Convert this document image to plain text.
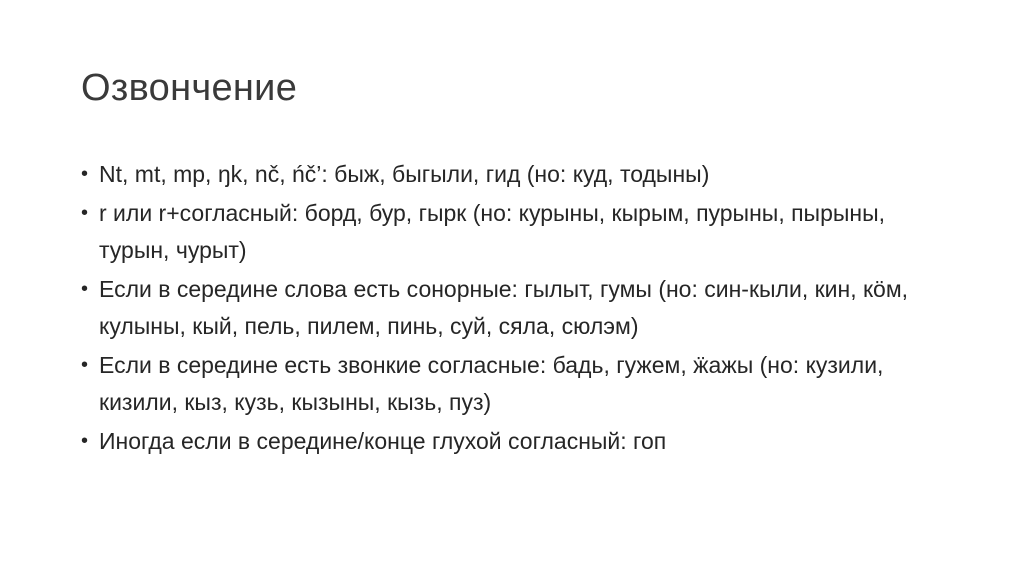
Озвончение
• Nt, mt, mp, ŋk, nč, ńč’: быж, быгыли, гид (но: куд, тодыны)
• r или r+согласный: борд, бур, гырк (но: курыны, кырым, пурыны, пырыны, турын, чурыт)
• Если в середине слова есть сонорные: гылыт, гумы (но: син-кыли, кин, кӧм, кулыны, кый, пель, пилем, пинь, суй, сяла, сюлэм)
• Если в середине есть звонкие согласные: бадь, гужем, ӝажы (но: кузили, кизили, кыз, кузь, кызыны, кызь, пуз)
• Иногда если в середине/конце глухой согласный: гоп
